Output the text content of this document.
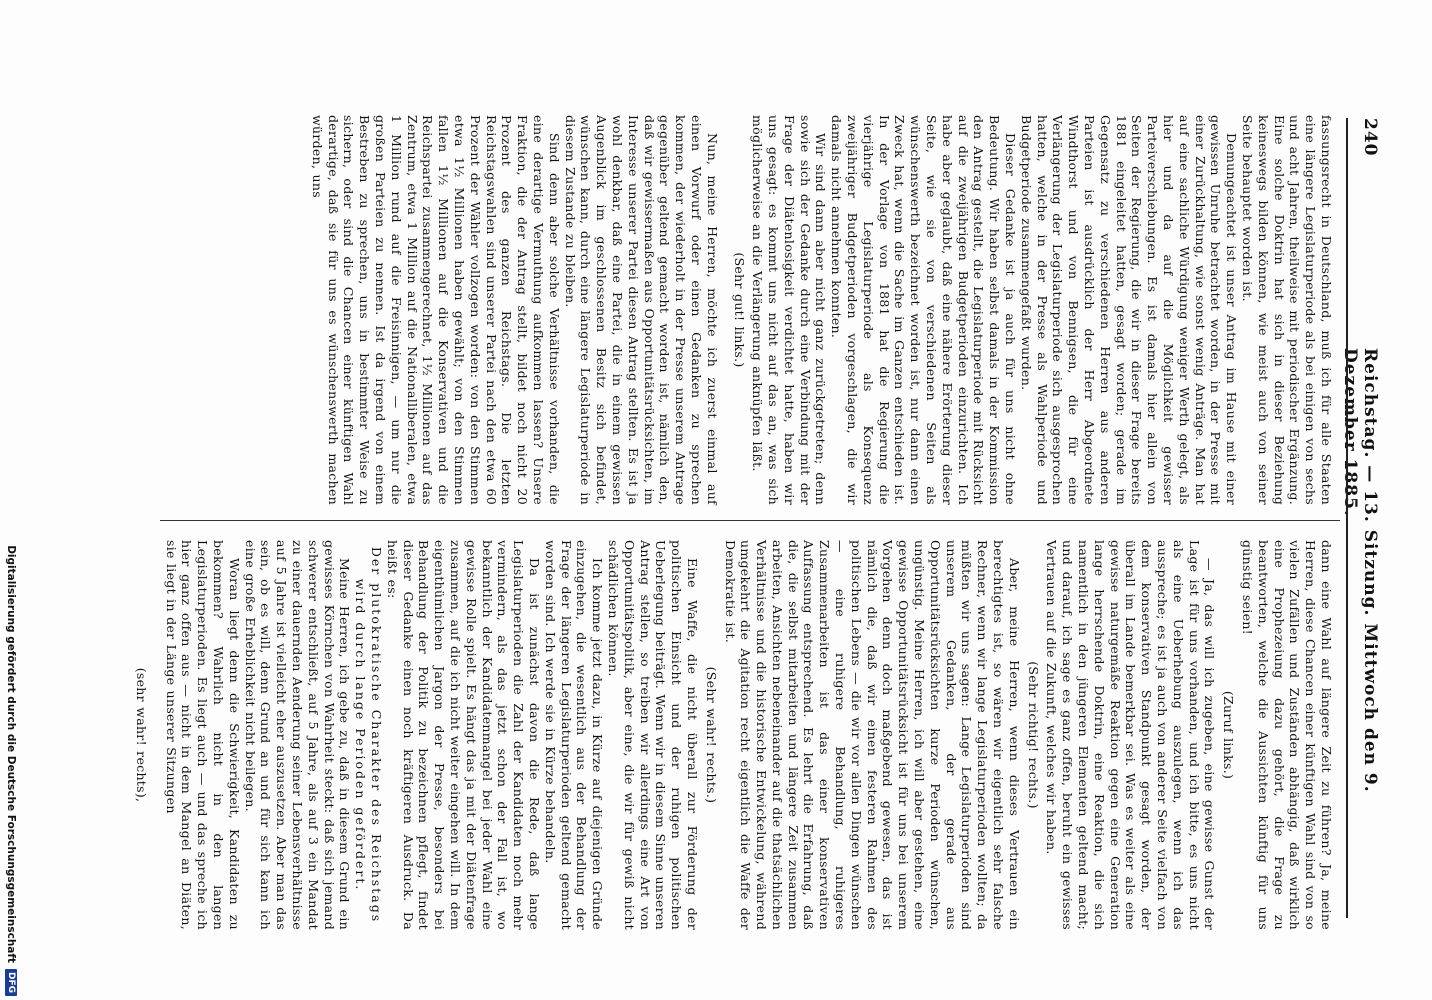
240
Reichstag. — 13. Sitzung. Mittwoch den 9. Dezember 1885.

fassungsrecht in Deutschland, muß ich für alle Staaten eine längere Legislaturperiode als bei einigen von sechs und acht Jahren, theilweise mit periodischer Ergänzung. Eine solche Doktrin hat sich in dieser Beziehung keineswegs bilden können, wie meist auch von seiner Seite behauptet worden ist.

Demungeachtet ist unser Antrag im Hause mit einer gewissen Unruhe betrachtet worden, in der Presse mit einer Zurückhaltung, wie sonst wenig Anträge. Man hat auf eine sachliche Würdigung weniger Werth gelegt, als hier und da auf die Möglichkeit gewisser Parteiverschiebungen. Es ist damals hier allein von Seiten der Regierung, die wir in dieser Frage bereits 1881 eingeleitet hatten, gesagt worden; gerade im Gegensatz zu verschiedenen Herren aus anderen Parteien ist ausdrücklich der Herr Abgeordnete Windthorst und von Bennigsen, die für eine Verlängerung der Legislaturperiode sich ausgesprochen hatten, welche in der Presse als Wahlperiode und Budgetperiode zusammengefaßt wurden.

Dieser Gedanke ist ja auch für uns nicht ohne Bedeutung. Wir haben selbst damals in der Kommission den Antrag gestellt, die Legislaturperiode mit Rücksicht auf die zweijährigen Budgetperioden einzurichten. Ich habe aber geglaubt, daß eine nähere Erörterung dieser Seite, wie sie von verschiedenen Seiten als wünschenswerth bezeichnet worden ist, nur dann einen Zweck hat, wenn die Sache im Ganzen entschieden ist. In der Vorlage von 1881 hat die Regierung die vierjährige Legislaturperiode als Konsequenz zweijähriger Budgetperioden vorgeschlagen, die wir damals nicht annehmen konnten.

Wir sind dann aber nicht ganz zurückgetreten; denn sowie sich der Gedanke durch eine Verbindung mit der Frage der Diätenlosigkeit verdichtet hatte, haben wir uns gesagt: es kommt uns nicht auf das an, was sich möglicherweise an die Verlängerung anknüpfen läßt.

(Sehr gut! links.)

Nun, meine Herren, möchte ich zuerst einmal auf einen Vorwurf oder einen Gedanken zu sprechen kommen, der wiederholt in der Presse unserem Antrage gegenüber geltend gemacht worden ist, nämlich den, daß wir gewissermaßen aus Opportunitätsrücksichten, im Interesse unserer Partei diesen Antrag stellten. Es ist ja wohl denkbar, daß eine Partei, die in einem gewissen Augenblick im geschlossenen Besitz sich befindet, wünschen kann, durch eine längere Legislaturperiode in diesem Zustande zu bleiben.

Sind denn aber solche Verhältnisse vorhanden, die eine derartige Vermuthung aufkommen lassen? Unsere Fraktion, die der Antrag stellt, bildet noch nicht 20 Prozent des ganzen Reichstags. Die letzten Reichstagswahlen sind unserer Partei nach den etwa 60 Prozent der Wähler vollzogen worden: von den Stimmen etwa 1½ Millionen haben gewählt; von den Stimmen fallen 1½ Millionen auf die Konservativen und die Reichspartei zusammengerechnet, 1½ Millionen auf das Zentrum, etwa 1 Million auf die Nationalliberalen, etwa 1 Million rund auf die Freisinnigen, — um nur die großen Parteien zu nennen. Ist da irgend von einem Bestreben zu sprechen, uns in bestimmter Weise zu sichern, oder sind die Chancen einer künftigen Wahl derartige, daß sie für uns es wünschenswerth machen würden, uns

dann eine Wahl auf längere Zeit zu führen? Ja, meine Herren, diese Chancen einer künftigen Wahl sind von so vielen Zufällen und Zuständen abhängig, daß wirklich eine Prophezeiung dazu gehört, die Frage zu beantworten, welche die Aussichten künftig für uns günstig seien!

(Zuruf links.)

— Ja, das will ich zugeben, eine gewisse Gunst der Lage ist für uns vorhanden, und ich bitte, es uns nicht als eine Ueberhebung auszulegen, wenn ich das ausspreche; es ist ja auch von anderer Seite vielfach von dem konservativen Standpunkt gesagt worden, der überall im Lande bemerkbar sei. Was es weiter als eine gewisse naturgemäße Reaktion gegen eine Generation lange herrschende Doktrin, eine Reaktion, die sich namentlich in den jüngeren Elementen geltend macht; und darauf, ich sage es ganz offen, beruht ein gewisses Vertrauen auf die Zukunft, welches wir haben.

(Sehr richtig! rechts.)

Aber, meine Herren, wenn dieses Vertrauen ein berechtigtes ist, so wären wir eigentlich sehr falsche Rechner, wenn wir lange Legislaturperioden wollten; da müßten wir uns sagen: Lange Legislaturperioden sind unserem Gedanken, der gerade aus Opportunitätsrücksichten kurze Perioden wünschen, ungünstig. Meine Herren, ich will aber gestehen, eine gewisse Opportunitätsrücksicht ist für uns bei unserem Vorgehen denn doch maßgebend gewesen, das ist nämlich die, daß wir einen festeren Rahmen des politischen Lebens — die wir vor allen Dingen wünschen — eine ruhigere Behandlung, ruhigeres Zusammenarbeiten ist das einer konservativen Auffassung entsprechend. Es lehrt die Erfahrung, daß die, die selbst mitarbeiten und längere Zeit zusammen arbeiten, Ansichten nebeneinander auf die thatsächlichen Verhältnisse und die historische Entwickelung, während umgekehrt die Agitation recht eigentlich die Waffe der Demokratie ist.

(Sehr wahr! rechts.)

Eine Waffe, die nicht überall zur Förderung der politischen Einsicht und der ruhigen politischen Ueberlegung beiträgt. Wenn wir in diesem Sinne unseren Antrag stellen, so treiben wir allerdings eine Art von Opportunitätspolitik, aber eine, die wir für gewiß nicht schädlichen können.

Ich komme jetzt dazu, in Kürze auf diejenigen Gründe einzugehen, die wesentlich aus der Behandlung der Frage der längeren Legislaturperioden geltend gemacht worden sind. Ich werde sie in Kürze behandeln.

Da ist zunächst davon die Rede, daß lange Legislaturperioden die Zahl der Kandidaten noch mehr vermindern, als das jetzt schon der Fall ist, wo bekanntlich der Kandidatenmangel bei jeder Wahl eine gewisse Rolle spielt. Es hängt das ja mit der Diätenfrage zusammen, auf die ich nicht weiter eingehen will. In dem eigenthümlichen Jargon der Presse, besonders bei Behandlung der Politik zu bezeichnen pflegt, findet dieser Gedanke einen noch kräftigeren Ausdruck. Da heißt es:

Der plutokratische Charakter des Reichstags wird durch lange Perioden gefördert.

Meine Herren, ich gebe zu, daß in diesem Grund ein gewisses Körnchen von Wahrheit steckt: daß sich jemand schwerer entschließt, auf 5 Jahre, als auf 3 ein Mandat zu einer dauernden Aenderung seiner Lebensverhältnisse auf 5 Jahre ist vielleicht eher auszusetzen. Aber man das sein, ob es will, denn Grund an und für sich kann ich eine große Erheblichkeit nicht beilegen.

Woran liegt denn die Schwierigkeit, Kandidaten zu bekommen? Wahrlich nicht in den langen Legislaturperioden. Es liegt auch — und das spreche ich hier ganz offen aus — nicht in dem Mangel an Diäten, sie liegt in der Länge unserer Sitzungen

(sehr wahr! rechts),

Digitalisierung gefördert durch die Deutsche Forschungsgemeinschaft
DFG
